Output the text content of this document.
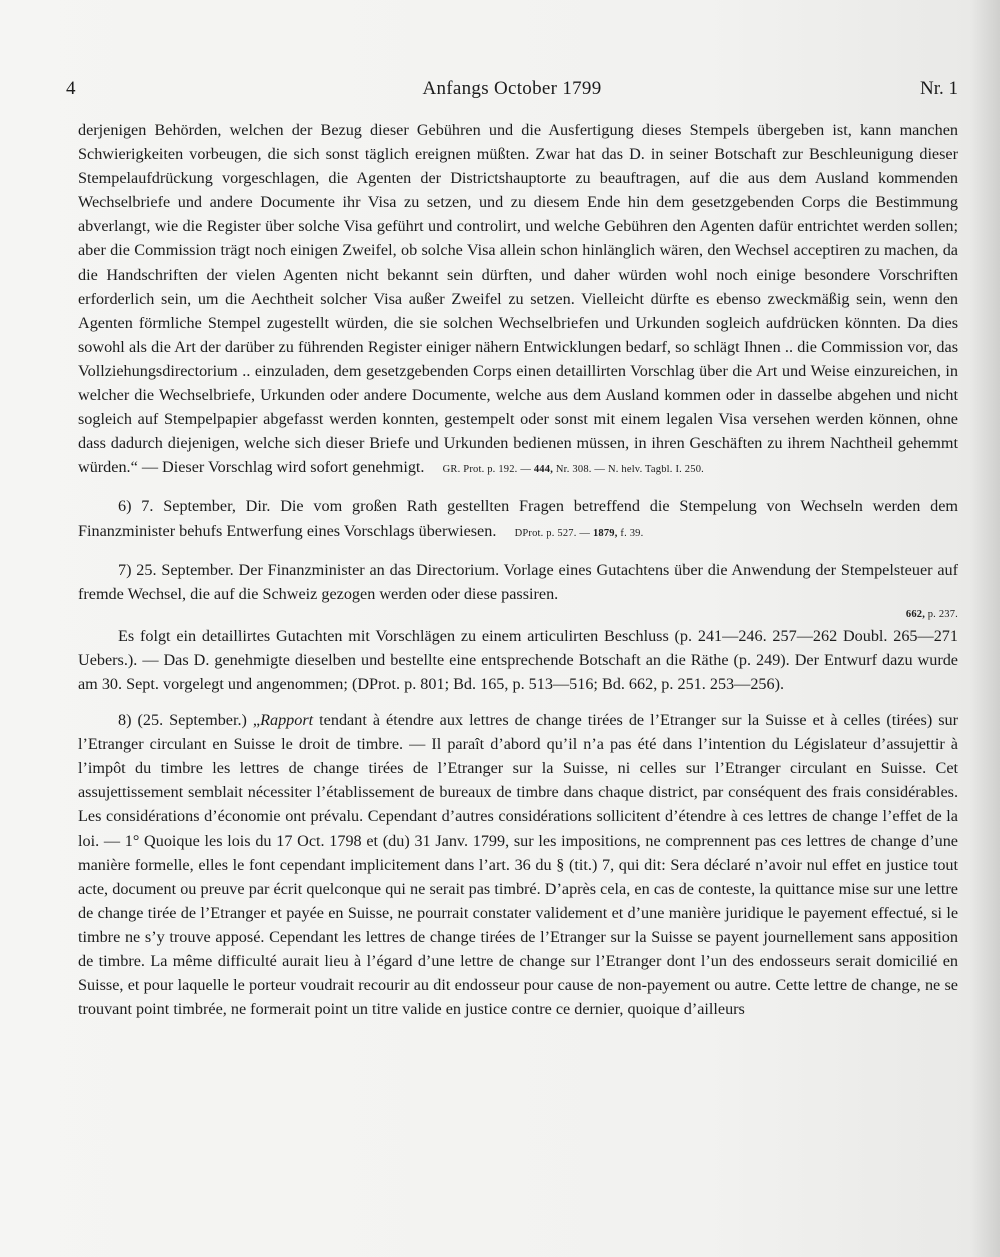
4	Anfangs October 1799	Nr. 1

derjenigen Behörden, welchen der Bezug dieser Gebühren und die Ausfertigung dieses Stempels übergeben ist, kann manchen Schwierigkeiten vorbeugen, die sich sonst täglich ereignen müßten. Zwar hat das D. in seiner Botschaft zur Beschleunigung dieser Stempelaufdrückung vorgeschlagen, die Agenten der Districtshauptorte zu beauftragen, auf die aus dem Ausland kommenden Wechselbriefe und andere Documente ihr Visa zu setzen, und zu diesem Ende hin dem gesetzgebenden Corps die Bestimmung abverlangt, wie die Register über solche Visa geführt und controlirt, und welche Gebühren den Agenten dafür entrichtet werden sollen; aber die Commission trägt noch einigen Zweifel, ob solche Visa allein schon hinlänglich wären, den Wechsel acceptiren zu machen, da die Handschriften der vielen Agenten nicht bekannt sein dürften, und daher würden wohl noch einige besondere Vorschriften erforderlich sein, um die Aechtheit solcher Visa außer Zweifel zu setzen. Vielleicht dürfte es ebenso zweckmäßig sein, wenn den Agenten förmliche Stempel zugestellt würden, die sie solchen Wechselbriefen und Urkunden sogleich aufdrücken könnten. Da dies sowohl als die Art der darüber zu führenden Register einiger nähern Entwicklungen bedarf, so schlägt Ihnen .. die Commission vor, das Vollziehungsdirectorium .. einzuladen, dem gesetzgebenden Corps einen detaillirten Vorschlag über die Art und Weise einzureichen, in welcher die Wechselbriefe, Urkunden oder andere Documente, welche aus dem Ausland kommen oder in dasselbe abgehen und nicht sogleich auf Stempelpapier abgefasst werden konnten, gestempelt oder sonst mit einem legalen Visa versehen werden können, ohne dass dadurch diejenigen, welche sich dieser Briefe und Urkunden bedienen müssen, in ihren Geschäften zu ihrem Nachtheil gehemmt würden.“ — Dieser Vorschlag wird sofort genehmigt. GR. Prot. p. 192. — 444, Nr. 308. — N. helv. Tagbl. I. 250.

6) 7. September, Dir. Die vom großen Rath gestellten Fragen betreffend die Stempelung von Wechseln werden dem Finanzminister behufs Entwerfung eines Vorschlags überwiesen. DProt. p. 527. — 1879, f. 39.

7) 25. September. Der Finanzminister an das Directorium. Vorlage eines Gutachtens über die Anwendung der Stempelsteuer auf fremde Wechsel, die auf die Schweiz gezogen werden oder diese passiren.
662, p. 237.

Es folgt ein detaillirtes Gutachten mit Vorschlägen zu einem articulirten Beschluss (p. 241—246. 257—262 Doubl. 265—271 Uebers.). — Das D. genehmigte dieselben und bestellte eine entsprechende Botschaft an die Räthe (p. 249). Der Entwurf dazu wurde am 30. Sept. vorgelegt und angenommen; (DProt. p. 801; Bd. 165, p. 513—516; Bd. 662, p. 251. 253—256).

8) (25. September.) „Rapport tendant à étendre aux lettres de change tirées de l’Etranger sur la Suisse et à celles (tirées) sur l’Etranger circulant en Suisse le droit de timbre. — Il paraît d’abord qu’il n’a pas été dans l’intention du Législateur d’assujettir à l’impôt du timbre les lettres de change tirées de l’Etranger sur la Suisse, ni celles sur l’Etranger circulant en Suisse. Cet assujettissement semblait nécessiter l’établissement de bureaux de timbre dans chaque district, par conséquent des frais considérables. Les considérations d’économie ont prévalu. Cependant d’autres considérations sollicitent d’étendre à ces lettres de change l’effet de la loi. — 1° Quoique les lois du 17 Oct. 1798 et (du) 31 Janv. 1799, sur les impositions, ne comprennent pas ces lettres de change d’une manière formelle, elles le font cependant implicitement dans l’art. 36 du § (tit.) 7, qui dit: Sera déclaré n’avoir nul effet en justice tout acte, document ou preuve par écrit quelconque qui ne serait pas timbré. D’après cela, en cas de conteste, la quittance mise sur une lettre de change tirée de l’Etranger et payée en Suisse, ne pourrait constater validement et d’une manière juridique le payement effectué, si le timbre ne s’y trouve apposé. Cependant les lettres de change tirées de l’Etranger sur la Suisse se payent journellement sans apposition de timbre. La même difficulté aurait lieu à l’égard d’une lettre de change sur l’Etranger dont l’un des endosseurs serait domicilié en Suisse, et pour laquelle le porteur voudrait recourir au dit endosseur pour cause de non-payement ou autre. Cette lettre de change, ne se trouvant point timbrée, ne formerait point un titre valide en justice contre ce dernier, quoique d’ailleurs
